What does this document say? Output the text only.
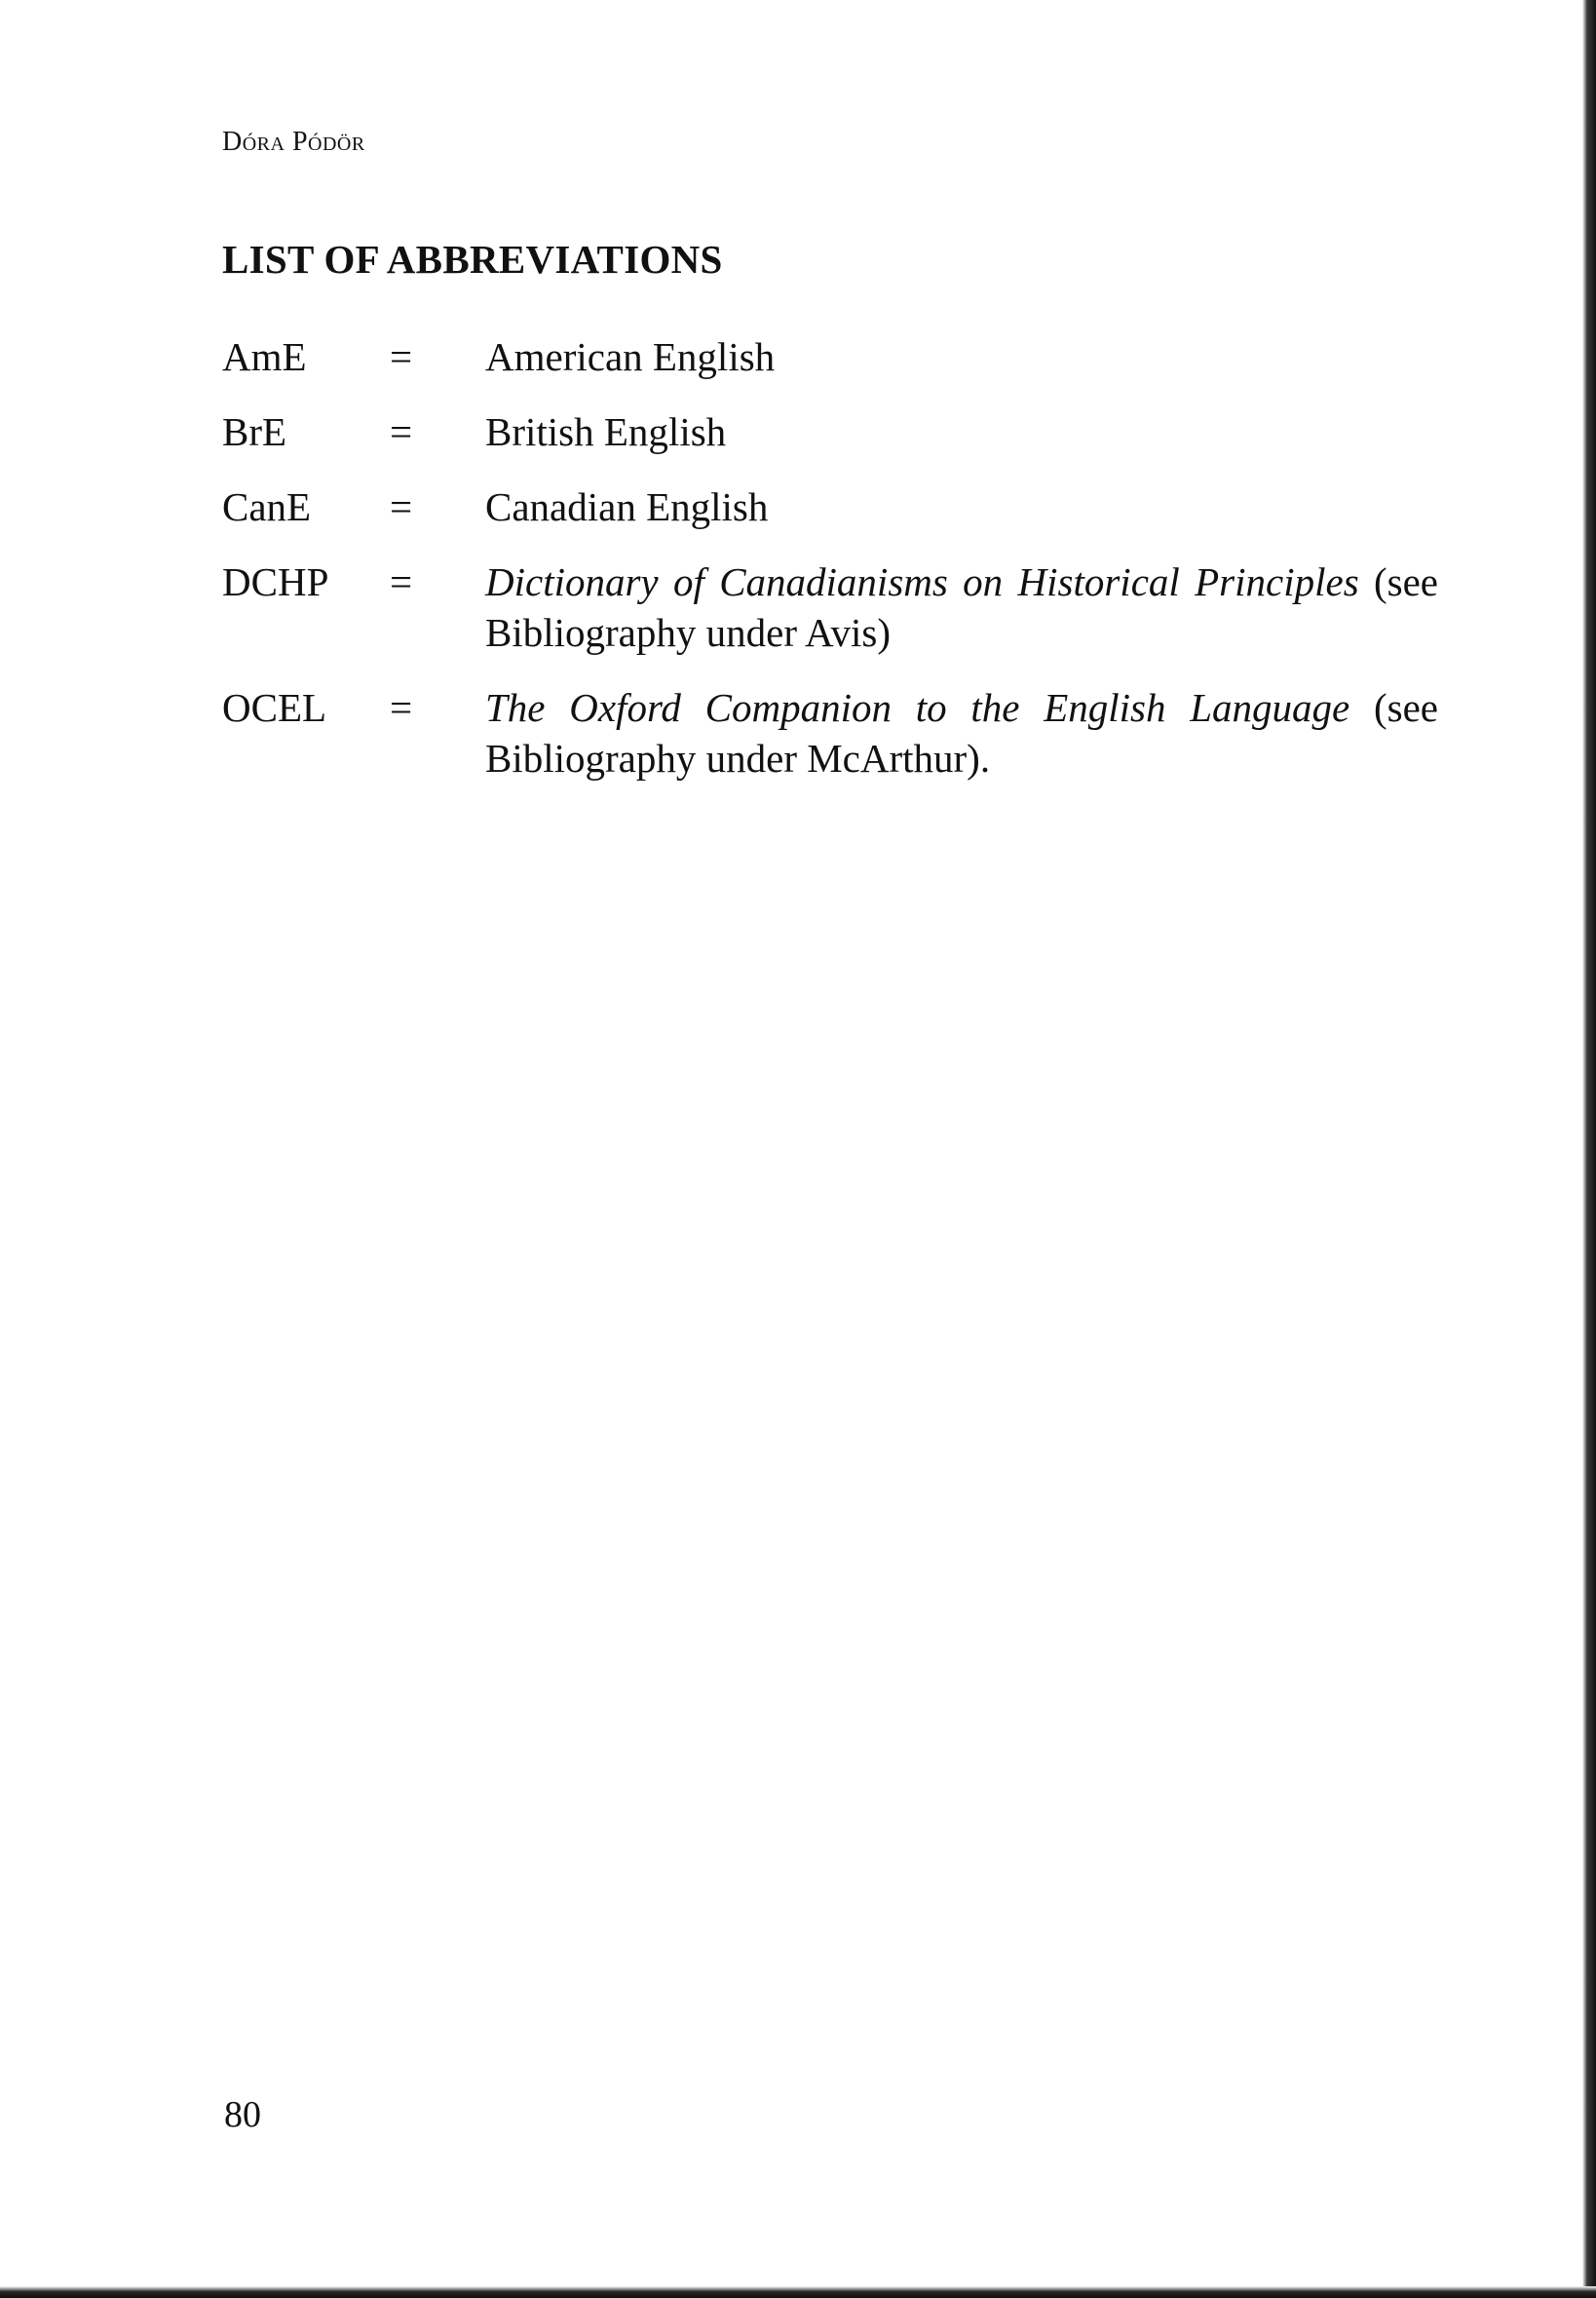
Dóra Pódör
LIST OF ABBREVIATIONS
AmE	=	American English
BrE	=	British English
CanE	=	Canadian English
DCHP	=	Dictionary of Canadianisms on Historical Principles (see Bibliography under Avis)
OCEL	=	The Oxford Companion to the English Language (see Bibliography under McArthur).
80
